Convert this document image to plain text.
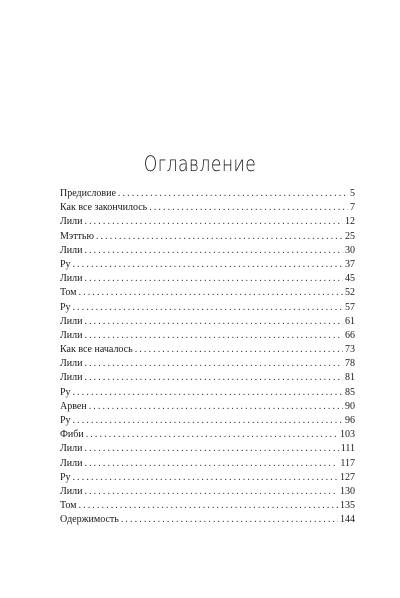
Оглавление
Предисловие . . .	5
Как все закончилось . . .	7
Лили . . .	12
Мэттью . . .	25
Лили . . .	30
Ру . . .	37
Лили . . .	45
Том . . .	52
Ру . . .	57
Лили . . .	61
Лили . . .	66
Как все началось . . .	73
Лили . . .	78
Лили . . .	81
Ру . . .	85
Арвен . . .	90
Ру . . .	96
Фиби . . .	103
Лили . . .	111
Лили . . .	117
Ру . . .	127
Лили . . .	130
Том . . .	135
Одержимость . . .	144
